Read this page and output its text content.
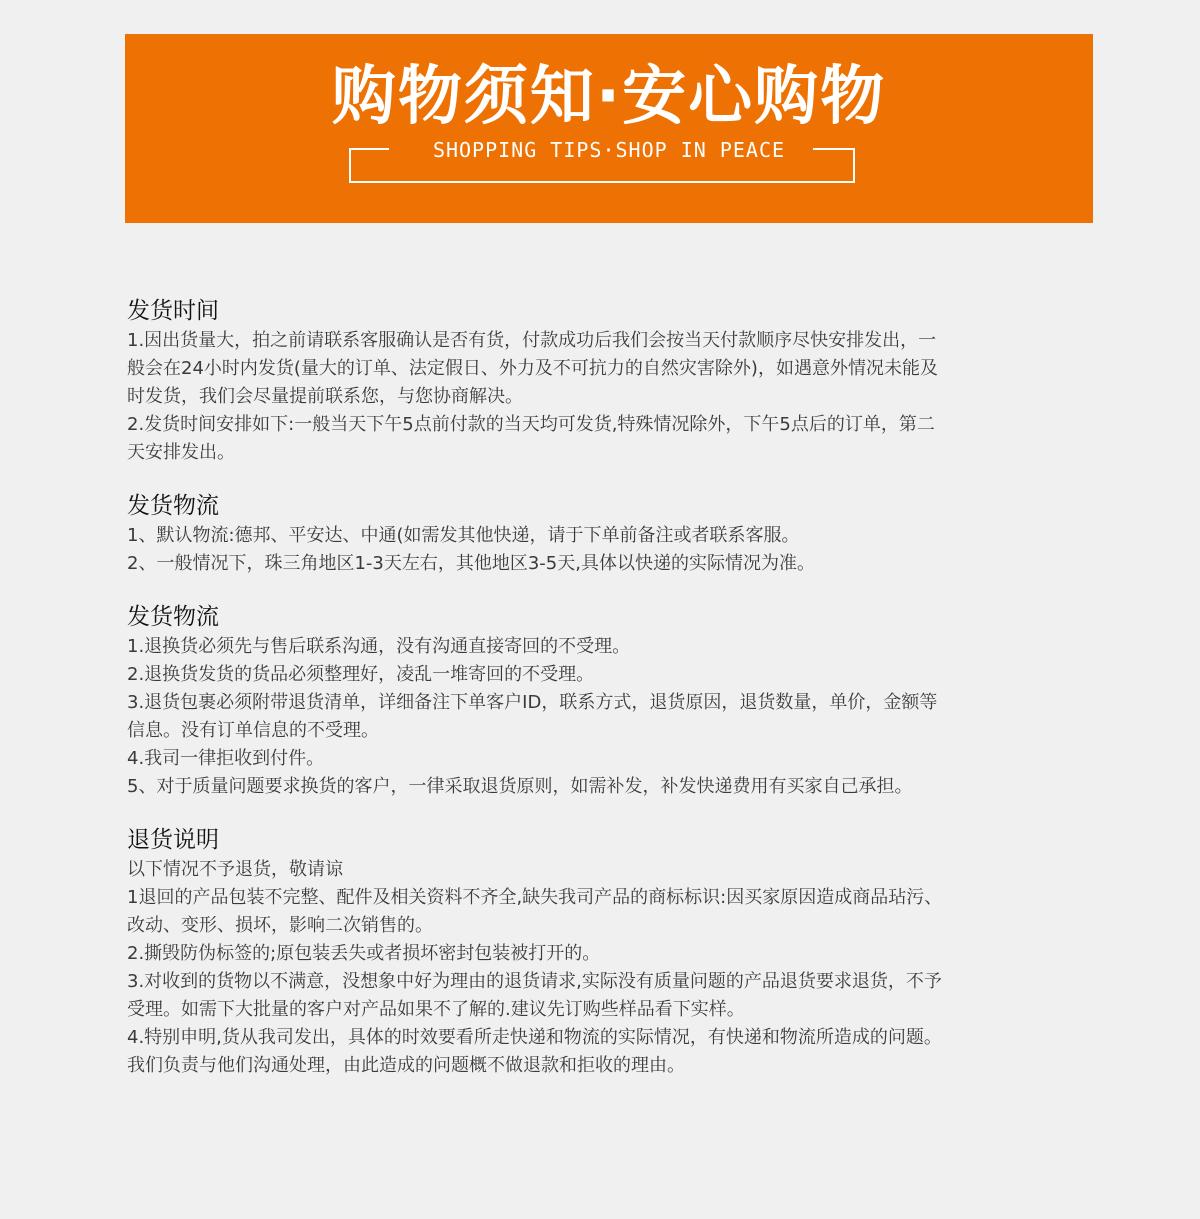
购物须知·安心购物
SHOPPING TIPS·SHOP IN PEACE
发货时间

1.因出货量大，拍之前请联系客服确认是否有货，付款成功后我们会按当天付款顺序尽快安排发出，一

般会在24小时内发货(量大的订单、法定假日、外力及不可抗力的自然灾害除外)，如遇意外情况未能及

时发货，我们会尽量提前联系您，与您协商解决。

2.发货时间安排如下:一般当天下午5点前付款的当天均可发货,特殊情况除外，下午5点后的订单，第二

天安排发出。

发货物流

1、默认物流:德邦、平安达、中通(如需发其他快递，请于下单前备注或者联系客服。

2、一般情况下，珠三角地区1-3天左右，其他地区3-5天,具体以快递的实际情况为准。

发货物流

1.退换货必须先与售后联系沟通，没有沟通直接寄回的不受理。

2.退换货发货的货品必须整理好，凌乱一堆寄回的不受理。

3.退货包裹必须附带退货清单，详细备注下单客户ID，联系方式，退货原因，退货数量，单价，金额等

信息。没有订单信息的不受理。

4.我司一律拒收到付件。

5、对于质量问题要求换货的客户，一律采取退货原则，如需补发，补发快递费用有买家自己承担。

退货说明

以下情况不予退货，敬请谅

1退回的产品包装不完整、配件及相关资料不齐全,缺失我司产品的商标标识:因买家原因造成商品玷污、

改动、变形、损坏，影响二次销售的。

2.撕毁防伪标签的;原包装丢失或者损坏密封包装被打开的。

3.对收到的货物以不满意，没想象中好为理由的退货请求,实际没有质量问题的产品退货要求退货，不予

受理。如需下大批量的客户对产品如果不了解的.建议先订购些样品看下实样。

4.特别申明,货从我司发出，具体的时效要看所走快递和物流的实际情况，有快递和物流所造成的问题。

我们负责与他们沟通处理，由此造成的问题概不做退款和拒收的理由。
